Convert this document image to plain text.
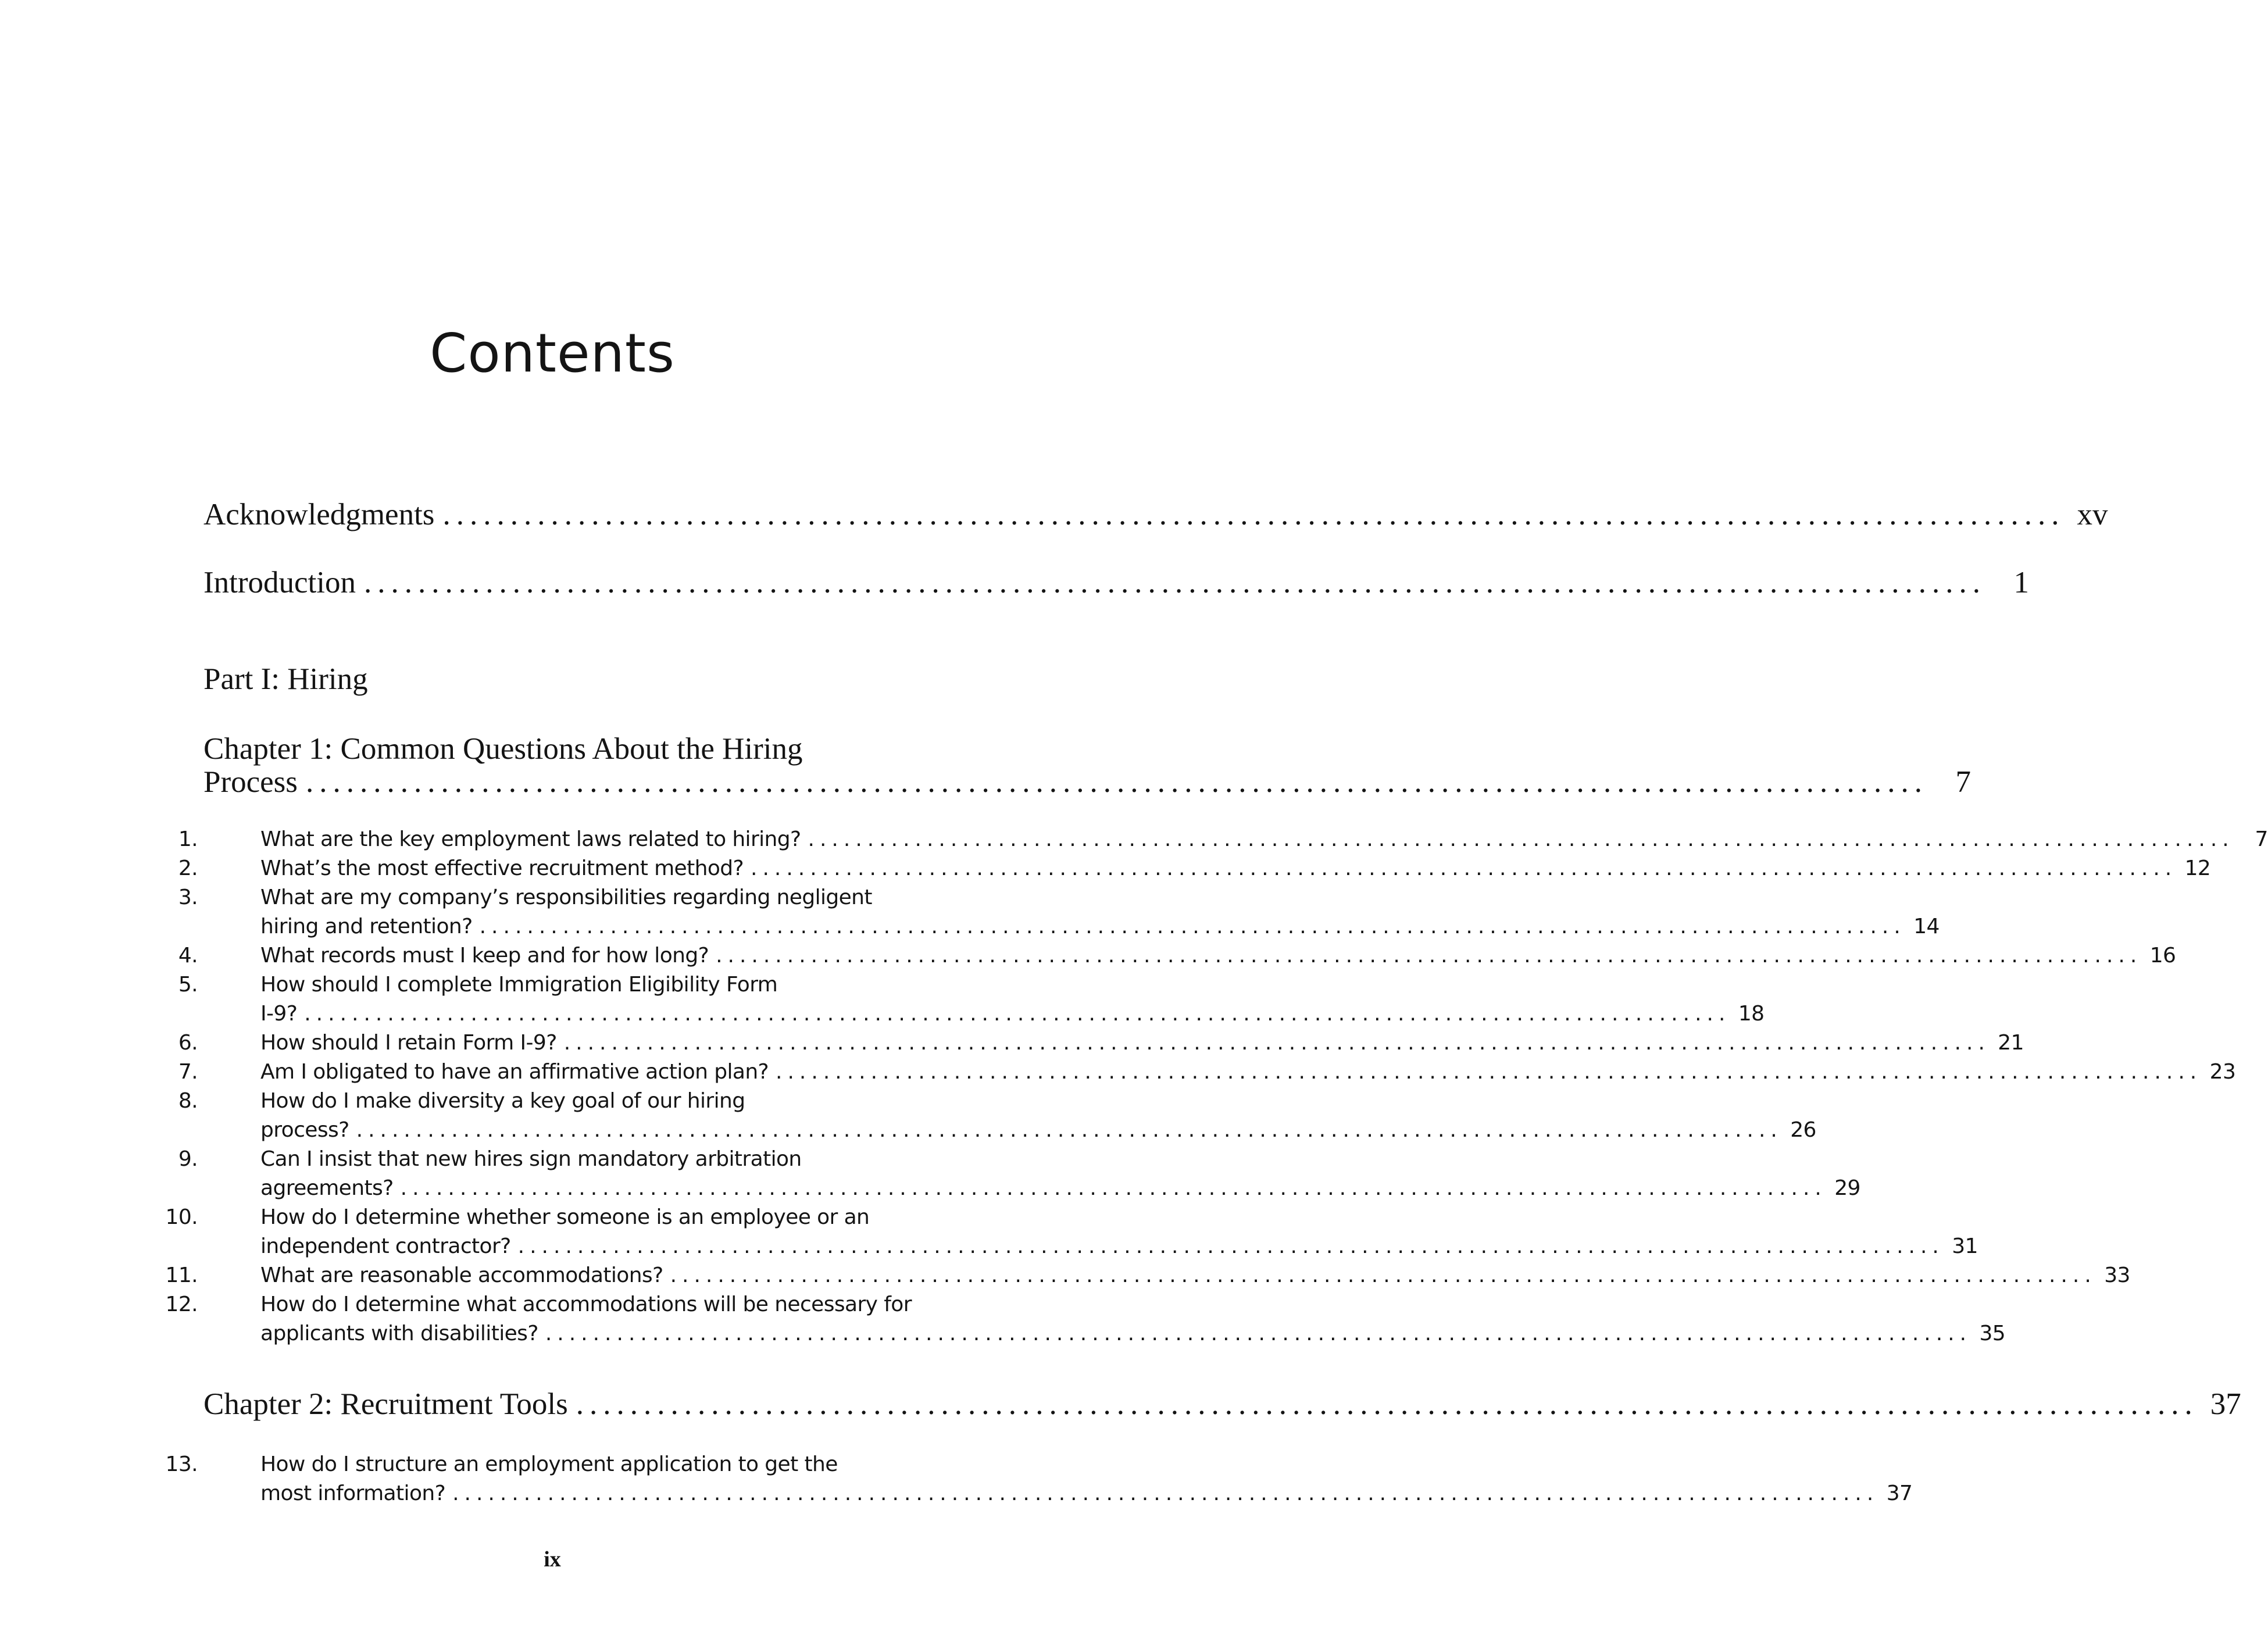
Contents
Acknowledgments ........................................................................................................................ xv
Introduction ........................................................................................................................ 1
Part I: Hiring
Chapter 1: Common Questions About the Hiring
Process ........................................................................................................................ 7
1.	What are the key employment laws related to hiring? ........................................................................................................................ 7
2.	What’s the most effective recruitment method? ........................................................................................................................ 12
3.	What are my company’s responsibilities regarding negligent
hiring and retention? ........................................................................................................................ 14
4.	What records must I keep and for how long? ........................................................................................................................ 16
5.	How should I complete Immigration Eligibility Form
I-9? ........................................................................................................................ 18
6.	How should I retain Form I-9? ........................................................................................................................ 21
7.	Am I obligated to have an affirmative action plan? ........................................................................................................................ 23
8.	How do I make diversity a key goal of our hiring
process? ........................................................................................................................ 26
9.	Can I insist that new hires sign mandatory arbitration
agreements? ........................................................................................................................ 29
10.	How do I determine whether someone is an employee or an
independent contractor? ........................................................................................................................ 31
11.	What are reasonable accommodations? ........................................................................................................................ 33
12.	How do I determine what accommodations will be necessary for
applicants with disabilities? ........................................................................................................................ 35
Chapter 2: Recruitment Tools ........................................................................................................................ 37
13.	How do I structure an employment application to get the
most information? ........................................................................................................................ 37
ix
